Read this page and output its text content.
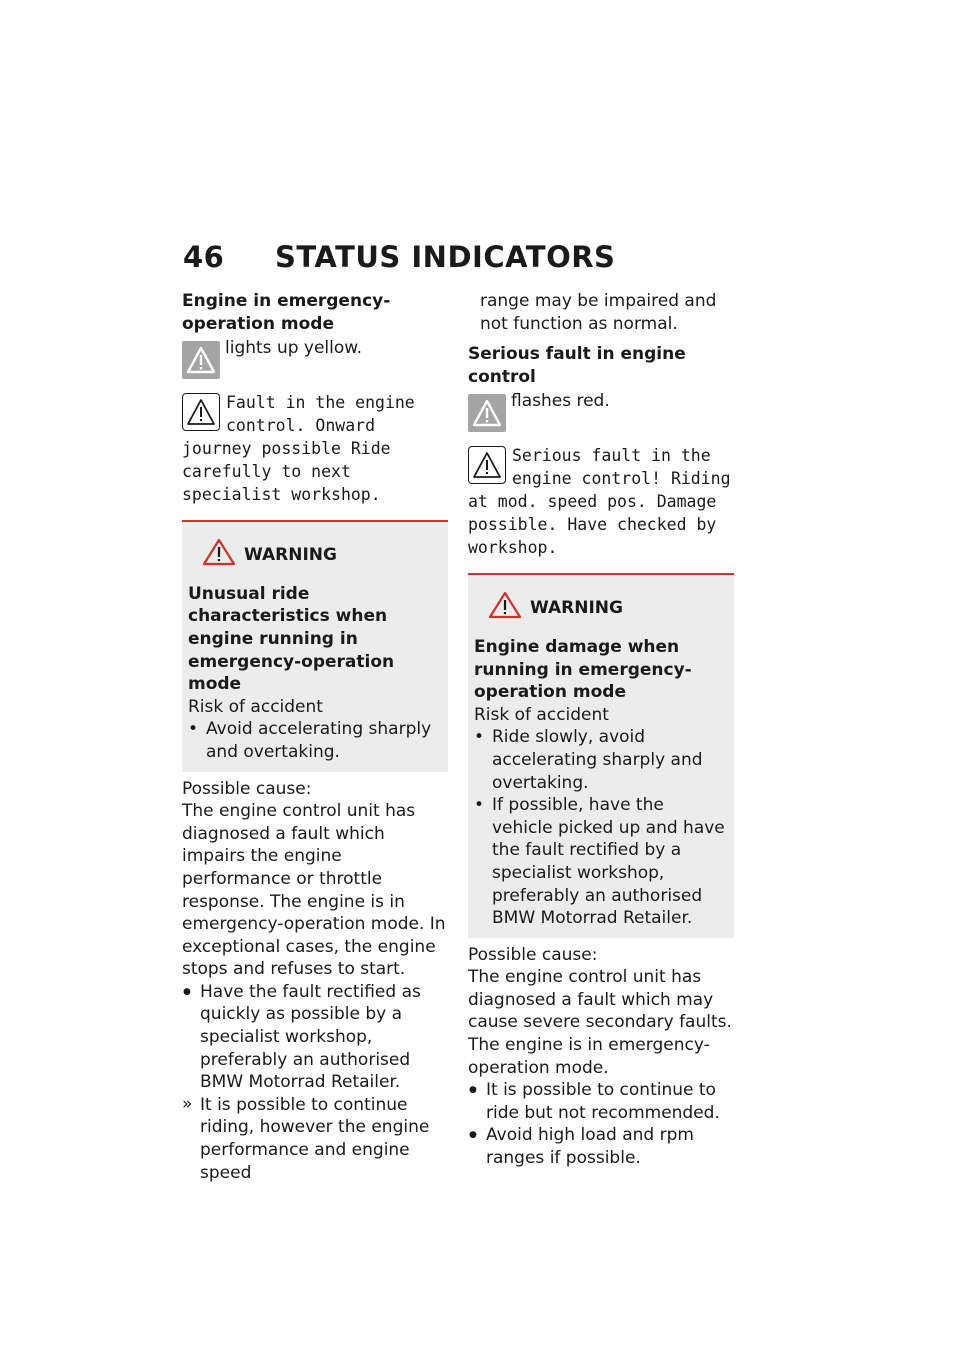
46 STATUS INDICATORS
Engine in emergency-operation mode
lights up yellow.
Fault in the engine control. Onward journey possible Ride carefully to next specialist workshop.
WARNING
Unusual ride characteristics when engine running in emergency-operation mode
Risk of accident
• Avoid accelerating sharply and overtaking.
Possible cause:
The engine control unit has diagnosed a fault which impairs the engine performance or throttle response. The engine is in emergency-operation mode. In exceptional cases, the engine stops and refuses to start.
● Have the fault rectified as quickly as possible by a specialist workshop, preferably an authorised BMW Motorrad Retailer.
» It is possible to continue riding, however the engine performance and engine speed
range may be impaired and not function as normal.
Serious fault in engine control
flashes red.
Serious fault in the engine control! Riding at mod. speed pos. Damage possible. Have checked by workshop.
WARNING
Engine damage when running in emergency-operation mode
Risk of accident
• Ride slowly, avoid accelerating sharply and overtaking.
• If possible, have the vehicle picked up and have the fault rectified by a specialist workshop, preferably an authorised BMW Motorrad Retailer.
Possible cause:
The engine control unit has diagnosed a fault which may cause severe secondary faults. The engine is in emergency-operation mode.
● It is possible to continue to ride but not recommended.
● Avoid high load and rpm ranges if possible.
